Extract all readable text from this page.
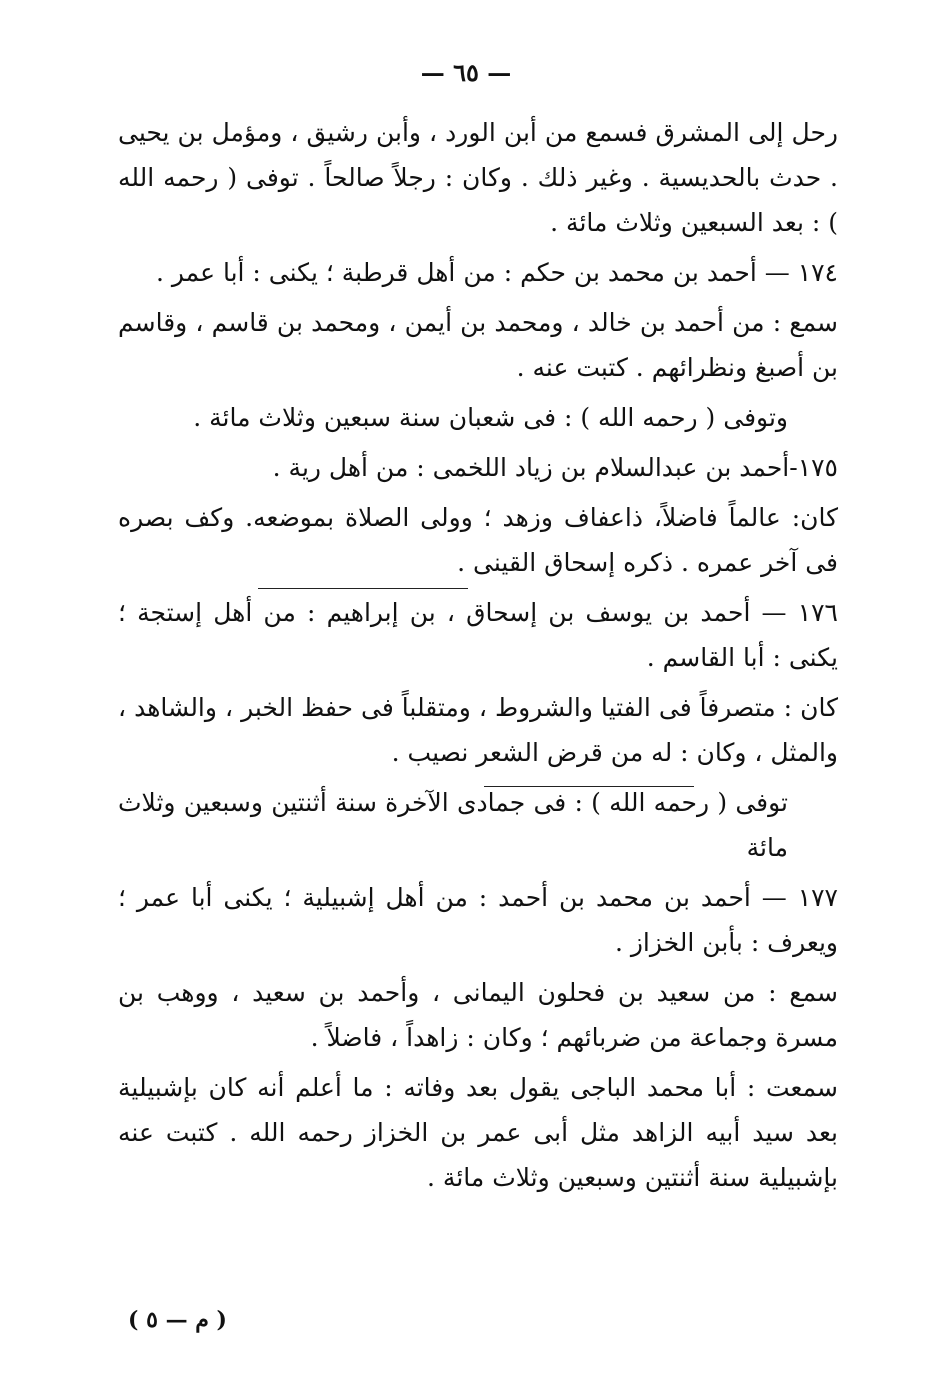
— ٦٥ —

رحل إلى المشرق فسمع من أبن الورد ، وأبن رشيق ، ومؤمل بن يحيى . حدث بالحديسية . وغير ذلك . وكان : رجلاً صالحاً . توفى ( رحمه الله ) : بعد السبعين وثلاث مائة .

١٧٤ — أحمد بن محمد بن حكم : من أهل قرطبة ؛ يكنى : أبا عمر .

سمع : من أحمد بن خالد ، ومحمد بن أيمن ، ومحمد بن قاسم ، وقاسم بن أصبغ ونظرائهم . كتبت عنه .

وتوفى ( رحمه الله ) : فى شعبان سنة سبعين وثلاث مائة .

١٧٥-أحمد بن عبدالسلام بن زياد اللخمى : من أهل رية .

كان: عالماً فاضلاً، ذاعفاف وزهد ؛ وولى الصلاة بموضعه. وكف بصره فى آخر عمره . ذكره إسحاق القينى .

١٧٦ — أحمد بن يوسف بن إسحاق ، بن إبراهيم : من أهل إستجة ؛ يكنى : أبا القاسم .

كان : متصرفاً فى الفتيا والشروط ، ومتقلباً فى حفظ الخبر ، والشاهد ، والمثل ، وكان : له من قرض الشعر نصيب .

توفى ( رحمه الله ) : فى جمادى الآخرة سنة أثنتين وسبعين وثلاث مائة

١٧٧ — أحمد بن محمد بن أحمد : من أهل إشبيلية ؛ يكنى أبا عمر ؛ ويعرف : بأبن الخزاز .

سمع : من سعيد بن فحلون اليمانى ، وأحمد بن سعيد ، ووهب بن مسرة وجماعة من ضربائهم ؛ وكان : زاهداً ، فاضلاً .

سمعت : أبا محمد الباجى يقول بعد وفاته : ما أعلم أنه كان بإشبيلية بعد سيد أبيه الزاهد مثل أبى عمر بن الخزاز رحمه الله . كتبت عنه بإشبيلية سنة أثنتين وسبعين وثلاث مائة .

( م — ٥ )
